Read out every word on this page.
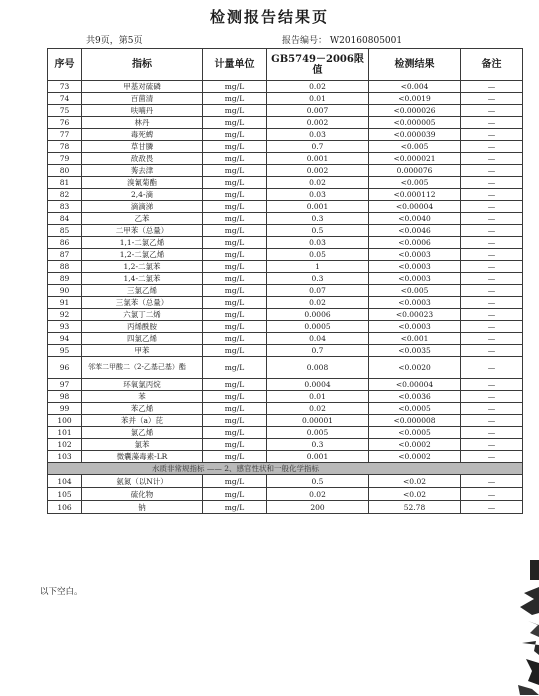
检测报告结果页
共9页，第5页	报告编号： W20160805001
序号	指标	计量单位	GB5749－2006限值	检测结果	备注
73	甲基对硫磷	mg/L	0.02	<0.004	—
74	百菌清	mg/L	0.01	<0.0019	—
75	呋喃丹	mg/L	0.007	<0.000026	—
76	林丹	mg/L	0.002	<0.000005	—
77	毒死蜱	mg/L	0.03	<0.000039	—
78	草甘膦	mg/L	0.7	<0.005	—
79	敌敌畏	mg/L	0.001	<0.000021	—
80	莠去津	mg/L	0.002	0.000076	—
81	溴氰菊酯	mg/L	0.02	<0.005	—
82	2,4-滴	mg/L	0.03	<0.000112	—
83	滴滴涕	mg/L	0.001	<0.00004	—
84	乙苯	mg/L	0.3	<0.0040	—
85	二甲苯（总量）	mg/L	0.5	<0.0046	—
86	1,1-二氯乙烯	mg/L	0.03	<0.0006	—
87	1,2-二氯乙烯	mg/L	0.05	<0.0003	—
88	1,2-二氯苯	mg/L	1	<0.0003	—
89	1,4-二氯苯	mg/L	0.3	<0.0003	—
90	三氯乙烯	mg/L	0.07	<0.005	—
91	三氯苯（总量）	mg/L	0.02	<0.0003	—
92	六氯丁二烯	mg/L	0.0006	<0.00023	—
93	丙烯酰胺	mg/L	0.0005	<0.0003	—
94	四氯乙烯	mg/L	0.04	<0.001	—
95	甲苯	mg/L	0.7	<0.0035	—
96	邻苯二甲酸二（2-乙基己基）酯	mg/L	0.008	<0.0020	—
97	环氧氯丙烷	mg/L	0.0004	<0.00004	—
98	苯	mg/L	0.01	<0.0036	—
99	苯乙烯	mg/L	0.02	<0.0005	—
100	苯并（a）芘	mg/L	0.00001	<0.000008	—
101	氯乙烯	mg/L	0.005	<0.0005	—
102	氯苯	mg/L	0.3	<0.0002	—
103	微囊藻毒素-LR	mg/L	0.001	<0.0002	—
水质非常规指标 —— 2、感官性状和一般化学指标					
104	氨氮（以N计）	mg/L	0.5	<0.02	—
105	硫化物	mg/L	0.02	<0.02	—
106	钠	mg/L	200	52.78	—
以下空白。
